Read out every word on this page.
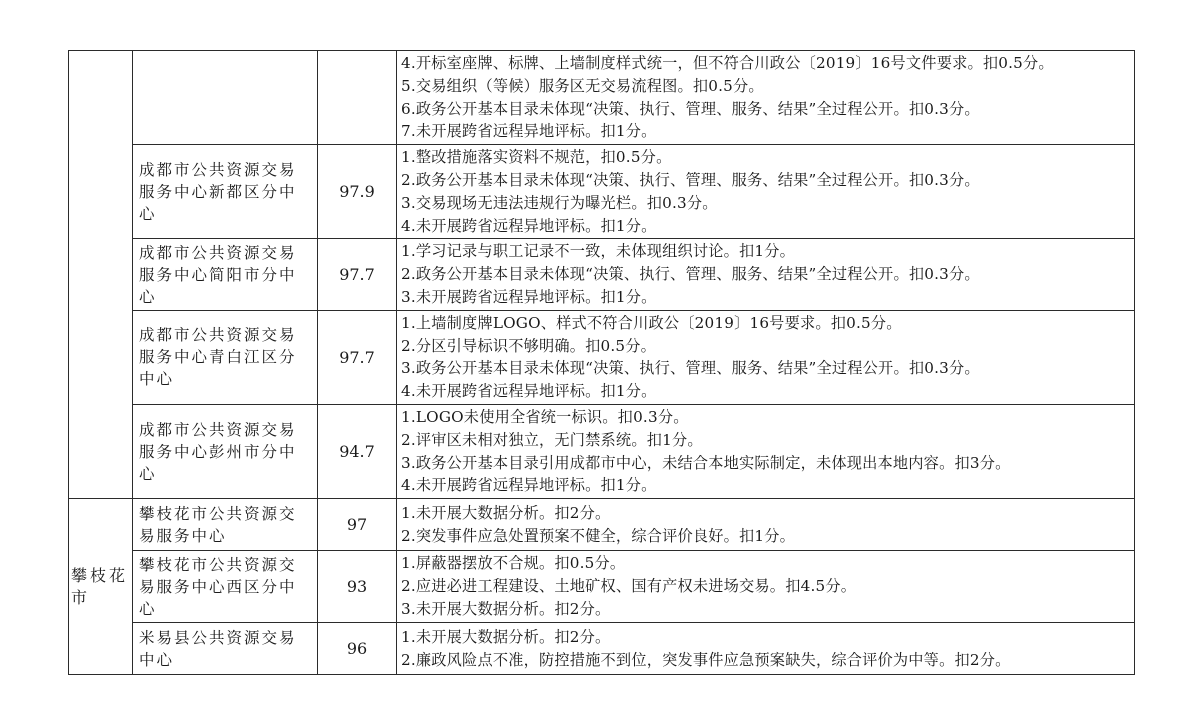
			4.开标室座牌、标牌、上墙制度样式统一，但不符合川政公〔2019〕16号文件要求。扣0.5分。
5.交易组织（等候）服务区无交易流程图。扣0.5分。
6.政务公开基本目录未体现“决策、执行、管理、服务、结果”全过程公开。扣0.3分。
7.未开展跨省远程异地评标。扣1分。

	成都市公共资源交易服务中心新都区分中心	97.9	1.整改措施落实资料不规范，扣0.5分。
2.政务公开基本目录未体现“决策、执行、管理、服务、结果”全过程公开。扣0.3分。
3.交易现场无违法违规行为曝光栏。扣0.3分。
4.未开展跨省远程异地评标。扣1分。

	成都市公共资源交易服务中心简阳市分中心	97.7	1.学习记录与职工记录不一致，未体现组织讨论。扣1分。
2.政务公开基本目录未体现“决策、执行、管理、服务、结果”全过程公开。扣0.3分。
3.未开展跨省远程异地评标。扣1分。

	成都市公共资源交易服务中心青白江区分中心	97.7	1.上墙制度牌LOGO、样式不符合川政公〔2019〕16号要求。扣0.5分。
2.分区引导标识不够明确。扣0.5分。
3.政务公开基本目录未体现“决策、执行、管理、服务、结果”全过程公开。扣0.3分。
4.未开展跨省远程异地评标。扣1分。

	成都市公共资源交易服务中心彭州市分中心	94.7	1.LOGO未使用全省统一标识。扣0.3分。
2.评审区未相对独立，无门禁系统。扣1分。
3.政务公开基本目录引用成都市中心，未结合本地实际制定，未体现出本地内容。扣3分。
4.未开展跨省远程异地评标。扣1分。

攀枝花市	攀枝花市公共资源交易服务中心	97	1.未开展大数据分析。扣2分。
2.突发事件应急处置预案不健全，综合评价良好。扣1分。

	攀枝花市公共资源交易服务中心西区分中心	93	1.屏蔽器摆放不合规。扣0.5分。
2.应进必进工程建设、土地矿权、国有产权未进场交易。扣4.5分。
3.未开展大数据分析。扣2分。

	米易县公共资源交易中心	96	1.未开展大数据分析。扣2分。
2.廉政风险点不准，防控措施不到位，突发事件应急预案缺失，综合评价为中等。扣2分。
